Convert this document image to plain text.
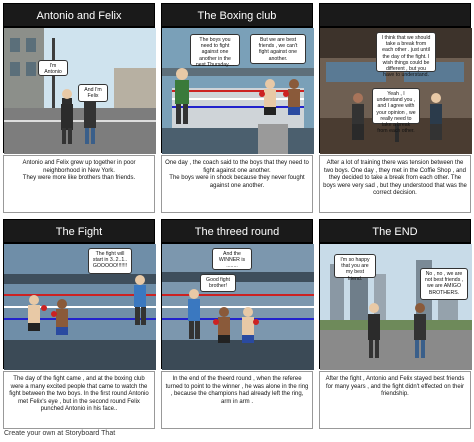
Antonio and Felix
I'm Antonio
And I'm Felix
Antonio and Felix grew up together in poor neighborhood in New York.
They were more like brothers than friends.
The Boxing club
The boys you need to fight against one another in the next Thursday....
But we are best friends , we can't fight against one another.
One day , the coach said to the boys that they need to fight against one another.
The boys were in shock because they never fought against one another.
I think that we should take a break from each other . just until the day of the fight. I wish things could be different , but you have to understand.
Yeah , I understand you , and I agree with your opinion , we really need to take a break from each other.
After a lot of training there was tension between the two boys. One day , they met in the Coffie Shop , and they decided to take a break from each other. The boys were very sad , but they understood that was the correct decision.
The Fight
The fight will start in 3..2..1.. GOOOOO!!!!!!!
The day of the fight came , and at the boxing club were a many excited people that came to watch the fight between the two boys. In the first round Antonio met Felix's eye , but in the second round Felix punched Antonio in his face..
The threed round
And the WINNER is ........
Good fight brother!
In the end of the theerd round , when the referee turned to point to the winner , he was alone in the ring , because the champions had already left the ring, arm in arm .
The END
I'm so happy that you are my best friend.
No , no , we are not best friends , we are AMIGO BROTHERS.
After the fight , Antonio and Felix stayed best friends for many years , and the fight didn't effected on their friendship.
Create your own at Storyboard That
